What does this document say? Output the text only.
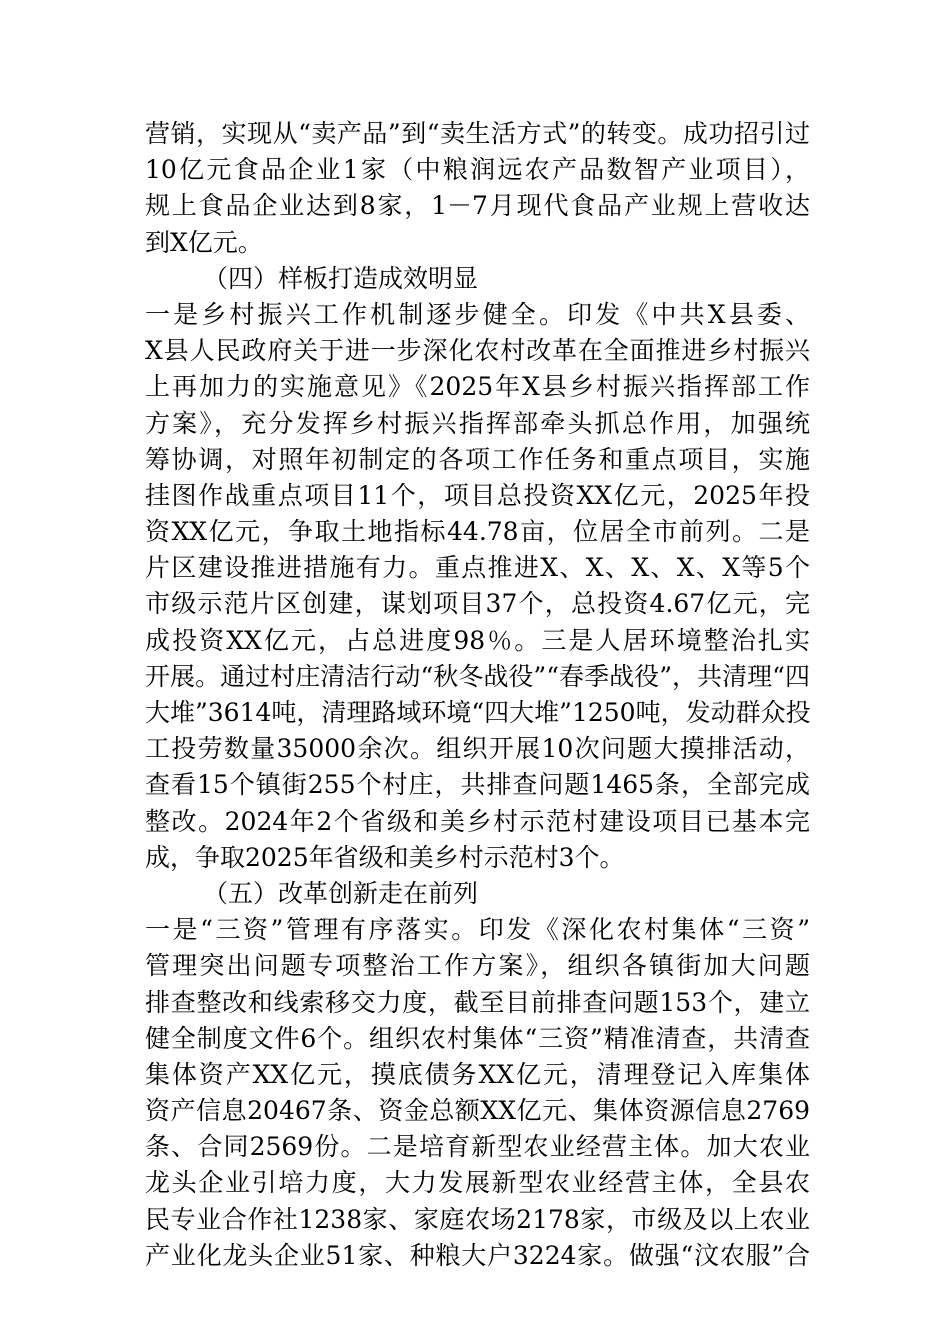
营销，实现从“卖产品”到“卖生活方式”的转变。成功招引过
10亿元食品企业1家（中粮润远农产品数智产业项目），
规上食品企业达到8家，1－7月现代食品产业规上营收达
到X亿元。
（四）样板打造成效明显
一是乡村振兴工作机制逐步健全。印发《中共X县委、
X县人民政府关于进一步深化农村改革在全面推进乡村振兴
上再加力的实施意见》《2025年X县乡村振兴指挥部工作
方案》，充分发挥乡村振兴指挥部牵头抓总作用，加强统
筹协调，对照年初制定的各项工作任务和重点项目，实施
挂图作战重点项目11个，项目总投资XX亿元，2025年投
资XX亿元，争取土地指标44.78亩，位居全市前列。二是
片区建设推进措施有力。重点推进X、X、X、X、X等5个
市级示范片区创建，谋划项目37个，总投资4.67亿元，完
成投资XX亿元，占总进度98％。三是人居环境整治扎实
开展。通过村庄清洁行动“秋冬战役”“春季战役”，共清理“四
大堆”3614吨，清理路域环境“四大堆”1250吨，发动群众投
工投劳数量35000余次。组织开展10次问题大摸排活动，
查看15个镇街255个村庄，共排查问题1465条，全部完成
整改。2024年2个省级和美乡村示范村建设项目已基本完
成，争取2025年省级和美乡村示范村3个。
（五）改革创新走在前列
一是“三资”管理有序落实。印发《深化农村集体“三资”
管理突出问题专项整治工作方案》，组织各镇街加大问题
排查整改和线索移交力度，截至目前排查问题153个，建立
健全制度文件6个。组织农村集体“三资”精准清查，共清查
集体资产XX亿元，摸底债务XX亿元，清理登记入库集体
资产信息20467条、资金总额XX亿元、集体资源信息2769
条、合同2569份。二是培育新型农业经营主体。加大农业
龙头企业引培力度，大力发展新型农业经营主体，全县农
民专业合作社1238家、家庭农场2178家，市级及以上农业
产业化龙头企业51家、种粮大户3224家。做强“汶农服”合
